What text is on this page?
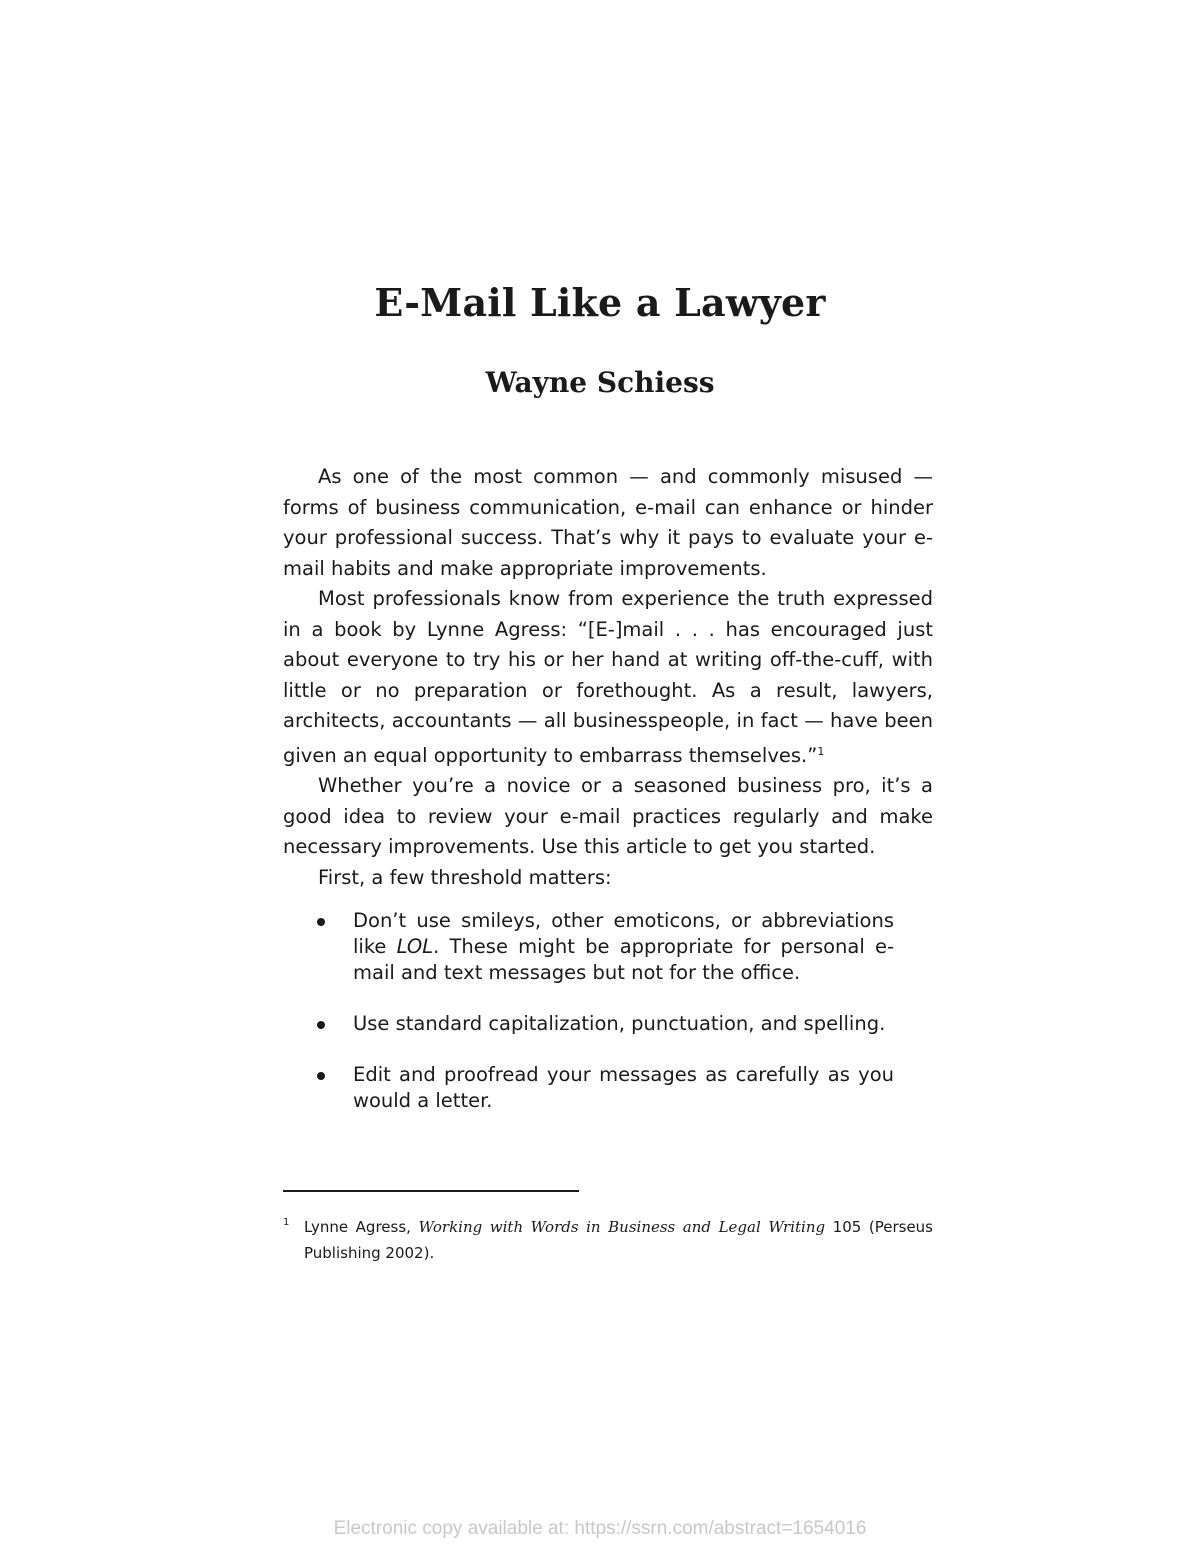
E-Mail Like a Lawyer
Wayne Schiess

As one of the most common — and commonly misused — forms of business communication, e-mail can enhance or hinder your professional success. That’s why it pays to evaluate your e-mail habits and make appropriate improvements.

Most professionals know from experience the truth expressed in a book by Lynne Agress: “[E-]mail . . . has encouraged just about everyone to try his or her hand at writing off-the-cuff, with little or no preparation or forethought. As a result, lawyers, architects, accountants — all businesspeople, in fact — have been given an equal opportunity to embarrass themselves.”$^1$

Whether you’re a novice or a seasoned business pro, it’s a good idea to review your e-mail practices regularly and make necessary improvements. Use this article to get you started.

First, a few threshold matters:

Don’t use smileys, other emoticons, or abbreviations like LOL. These might be appropriate for personal e-mail and text messages but not for the office.
Use standard capitalization, punctuation, and spelling.
Edit and proofread your messages as carefully as you would a letter.
1 Lynne Agress, Working with Words in Business and Legal Writing 105 (Perseus Publishing 2002).
Electronic copy available at: https://ssrn.com/abstract=1654016
